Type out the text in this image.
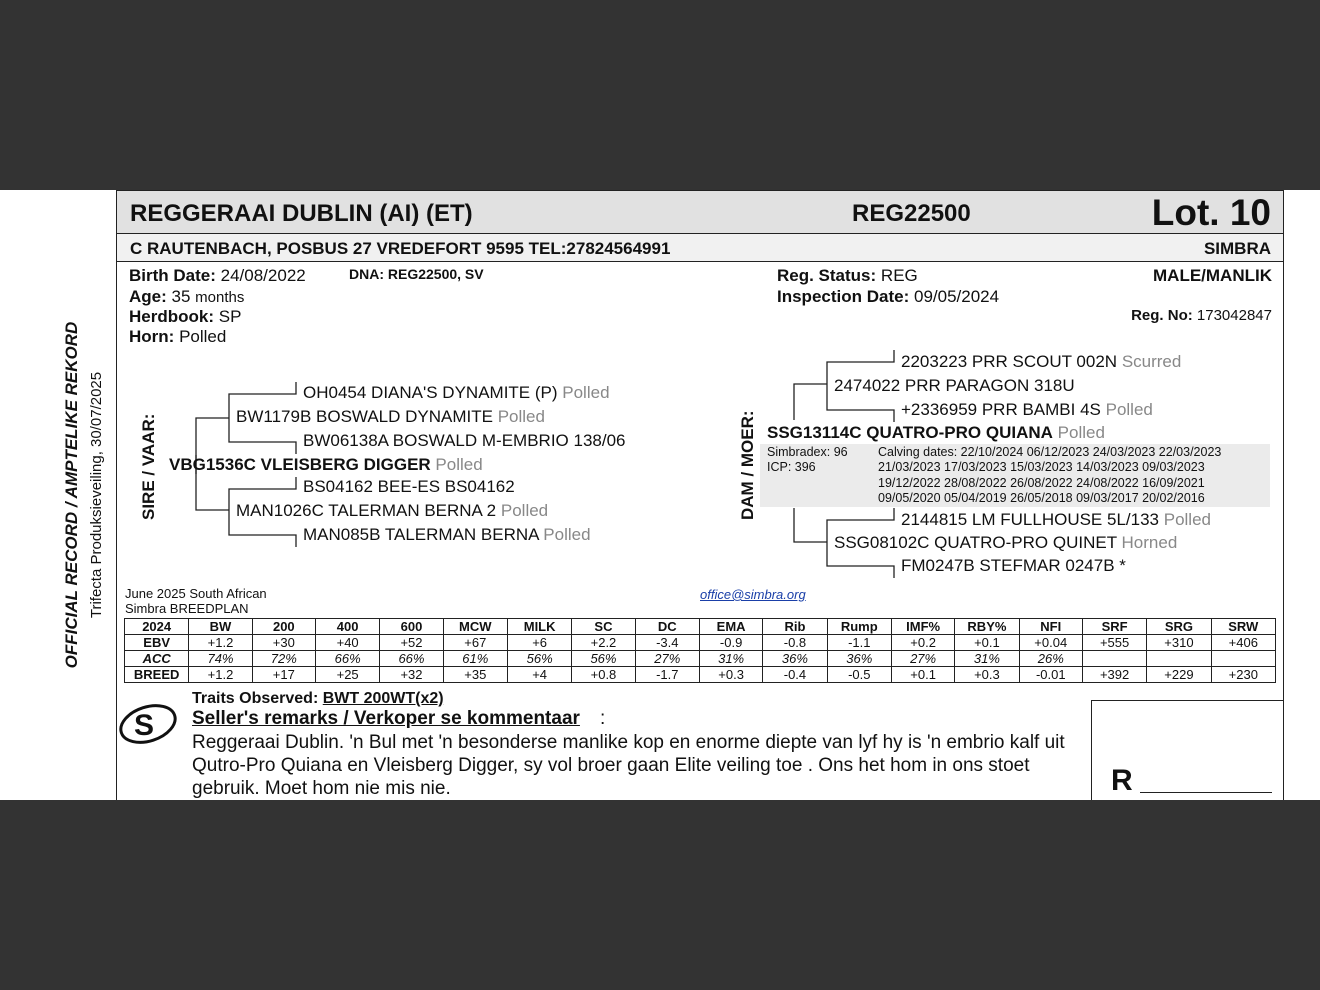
OFFICIAL RECORD / AMPTELIKE REKORD Trifecta Produksieveiling, 30/07/2025
REGGERAAI DUBLIN (AI) (ET)	REG22500	Lot. 10
C RAUTENBACH, POSBUS 27 VREDEFORT 9595 TEL:27824564991	SIMBRA
Birth Date: 24/08/2022
Age: 35 months
Herdbook: SP
Horn: Polled
DNA: REG22500, SV	Reg. Status: REG
Inspection Date: 09/05/2024
MALE/MANLIK
Reg. No: 173042847
SIRE / VAAR:	DAM / MOER:
OH0454 DIANA'S DYNAMITE (P) Polled
BW1179B BOSWALD DYNAMITE Polled
BW06138A BOSWALD M-EMBRIO 138/06
VBG1536C VLEISBERG DIGGER Polled
BS04162 BEE-ES BS04162
MAN1026C TALERMAN BERNA 2 Polled
MAN085B TALERMAN BERNA Polled
2203223 PRR SCOUT 002N Scurred
2474022 PRR PARAGON 318U
+2336959 PRR BAMBI 4S Polled
SSG13114C QUATRO-PRO QUIANA Polled
Simbradex: 96
ICP: 396
Calving dates: 22/10/2024 06/12/2023 24/03/2023 22/03/2023
21/03/2023 17/03/2023 15/03/2023 14/03/2023 09/03/2023
19/12/2022 28/08/2022 26/08/2022 24/08/2022 16/09/2021
09/05/2020 05/04/2019 26/05/2018 09/03/2017 20/02/2016
2144815 LM FULLHOUSE 5L/133 Polled
SSG08102C QUATRO-PRO QUINET Horned
FM0247B STEFMAR 0247B *
June 2025 South African
Simbra BREEDPLAN
office@simbra.org
2024	BW	200	400	600	MCW	MILK	SC	DC	EMA	Rib	Rump	IMF%	RBY%	NFI	SRF	SRG	SRW
EBV	+1.2	+30	+40	+52	+67	+6	+2.2	-3.4	-0.9	-0.8	-1.1	+0.2	+0.1	+0.04	+555	+310	+406
ACC	74%	72%	66%	66%	61%	56%	56%	27%	31%	36%	36%	27%	31%	26%			
BREED	+1.2	+17	+25	+32	+35	+4	+0.8	-1.7	+0.3	-0.4	-0.5	+0.1	+0.3	-0.01	+392	+229	+230
S
Traits Observed: BWT 200WT(x2)
Seller's remarks / Verkoper se kommentaar :
Reggeraai Dublin. 'n Bul met 'n besonderse manlike kop en enorme diepte van lyf hy is 'n embrio kalf uit Qutro-Pro Quiana en Vleisberg Digger, sy vol broer gaan Elite veiling toe . Ons het hom in ons stoet gebruik. Moet hom nie mis nie.	R
